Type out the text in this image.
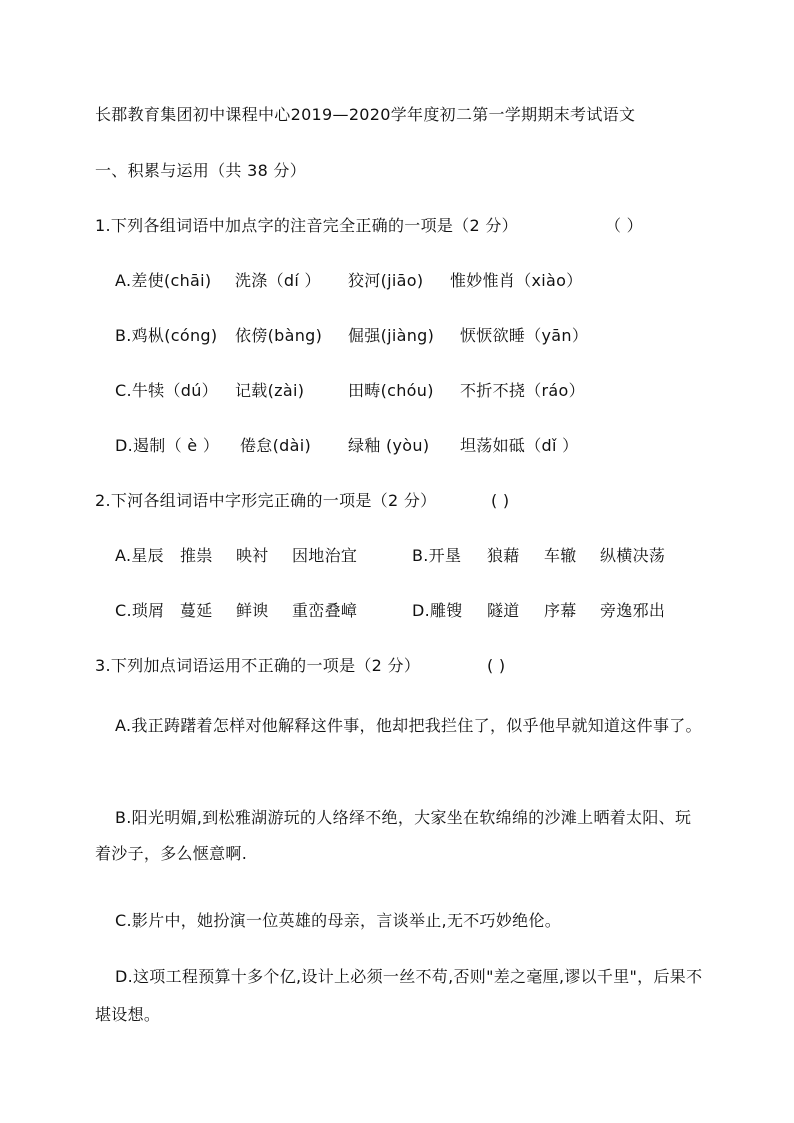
长郡教育集团初中课程中心2019—2020学年度初二第一学期期末考试语文
一、积累与运用（共 38 分）
1.下列各组词语中加点字的注音完全正确的一项是（2 分）	（ ）
A.差使(chāi) 洗涤（dí ） 狡河(jiāo) 惟妙惟肖（xiào）
B.鸡枞(cóng) 依傍(bàng) 倔强(jiàng) 恹恹欲睡（yān）
C.牛犊（dú） 记载(zài)	田畴(chóu) 不折不挠（ráo）
D.遏制（ è ） 倦怠(dài) 绿釉 (yòu) 坦荡如砥（dǐ ）
2.下河各组词语中字形完正确的一项是（2 分）	( )
A.星辰 推祟 映衬 因地治宜	B.开垦 狼藉 车辙 纵横决荡
C.琐屑 蔓延 鲜谀 重峦叠嶂	D.雕锼 隧道 序幕 旁逸邪出
3.下列加点词语运用不正确的一项是（2 分）	( )
A.我正踌躇着怎样对他解释这件事，他却把我拦住了，似乎他早就知道这件事了。
B.阳光明媚,到松雅湖游玩的人络绎不绝，大家坐在软绵绵的沙滩上晒着太阳、玩着沙子，多么惬意啊.
C.影片中，她扮演一位英雄的母亲，言谈举止,无不巧妙绝伦。
D.这项工程预算十多个亿,设计上必须一丝不苟,否则"差之毫厘,谬以千里"，后果不堪设想。
